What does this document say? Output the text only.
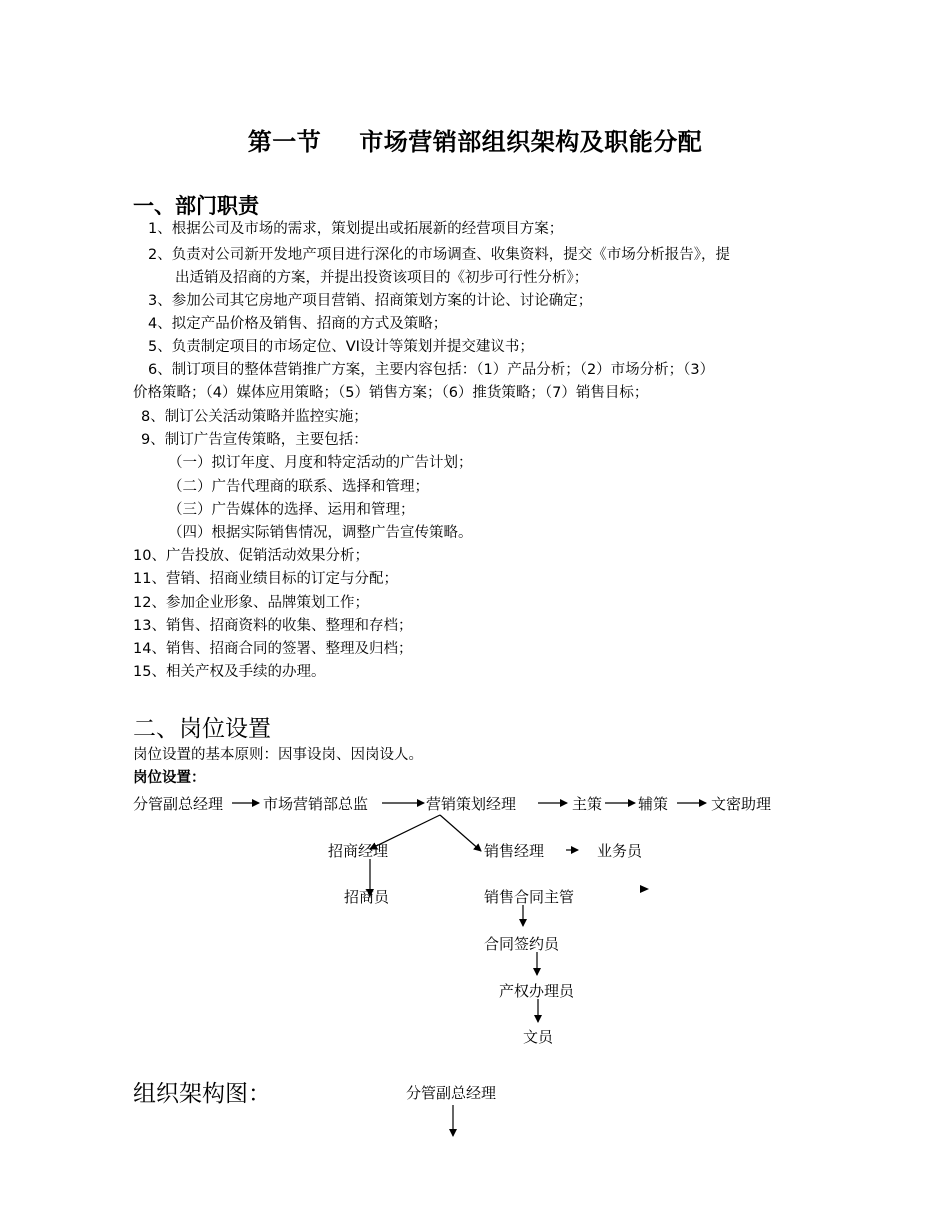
第一节 市场营销部组织架构及职能分配
一、部门职责
1、根据公司及市场的需求，策划提出或拓展新的经营项目方案；
2、负责对公司新开发地产项目进行深化的市场调查、收集资料，提交《市场分析报告》，提
出适销及招商的方案，并提出投资该项目的《初步可行性分析》；
3、参加公司其它房地产项目营销、招商策划方案的计论、讨论确定；
4、拟定产品价格及销售、招商的方式及策略；
5、负责制定项目的市场定位、VI设计等策划并提交建议书；
6、制订项目的整体营销推广方案，主要内容包括：（1）产品分析；（2）市场分析；（3）
价格策略；（4）媒体应用策略；（5）销售方案；（6）推货策略；（7）销售目标；
8、制订公关活动策略并监控实施；
9、制订广告宣传策略，主要包括：
（一）拟订年度、月度和特定活动的广告计划；
（二）广告代理商的联系、选择和管理；
（三）广告媒体的选择、运用和管理；
（四）根据实际销售情况，调整广告宣传策略。
10、广告投放、促销活动效果分析；
11、营销、招商业绩目标的订定与分配；
12、参加企业形象、品牌策划工作；
13、销售、招商资料的收集、整理和存档；
14、销售、招商合同的签署、整理及归档；
15、相关产权及手续的办理。
二、岗位设置
岗位设置的基本原则：因事设岗、因岗设人。
岗位设置：
分管副总经理	市场营销部总监	营销策划经理	主策 辅策	文密助理
招商经理	销售经理	业务员
招商员	销售合同主管
合同签约员
产权办理员
文员
组织架构图：	分管副总经理
